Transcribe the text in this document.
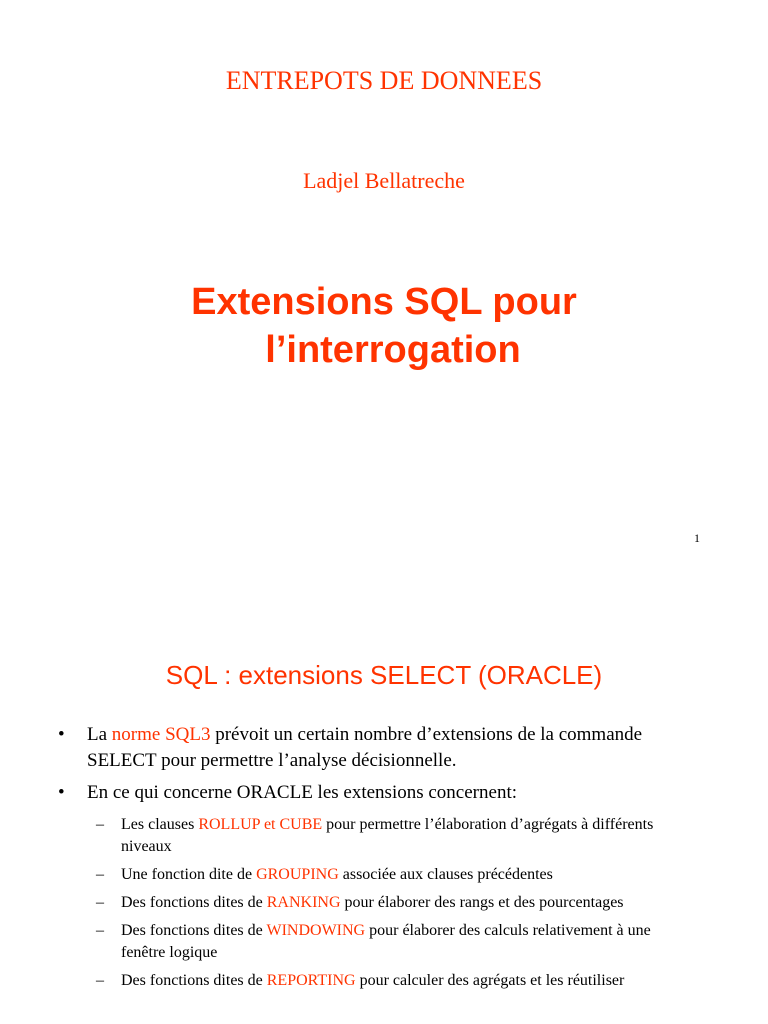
ENTREPOTS DE DONNEES
Ladjel Bellatreche
Extensions SQL pour
l’interrogation
1
SQL : extensions SELECT (ORACLE)
• La norme SQL3 prévoit un certain nombre d’extensions de la commande SELECT pour permettre l’analyse décisionnelle.
• En ce qui concerne ORACLE les extensions concernent:
– Les clauses ROLLUP et CUBE pour permettre l’élaboration d’agrégats à différents niveaux
– Une fonction dite de GROUPING associée aux clauses précédentes
– Des fonctions dites de RANKING pour élaborer des rangs et des pourcentages
– Des fonctions dites de WINDOWING pour élaborer des calculs relativement à une fenêtre logique
– Des fonctions dites de REPORTING pour calculer des agrégats et les réutiliser
